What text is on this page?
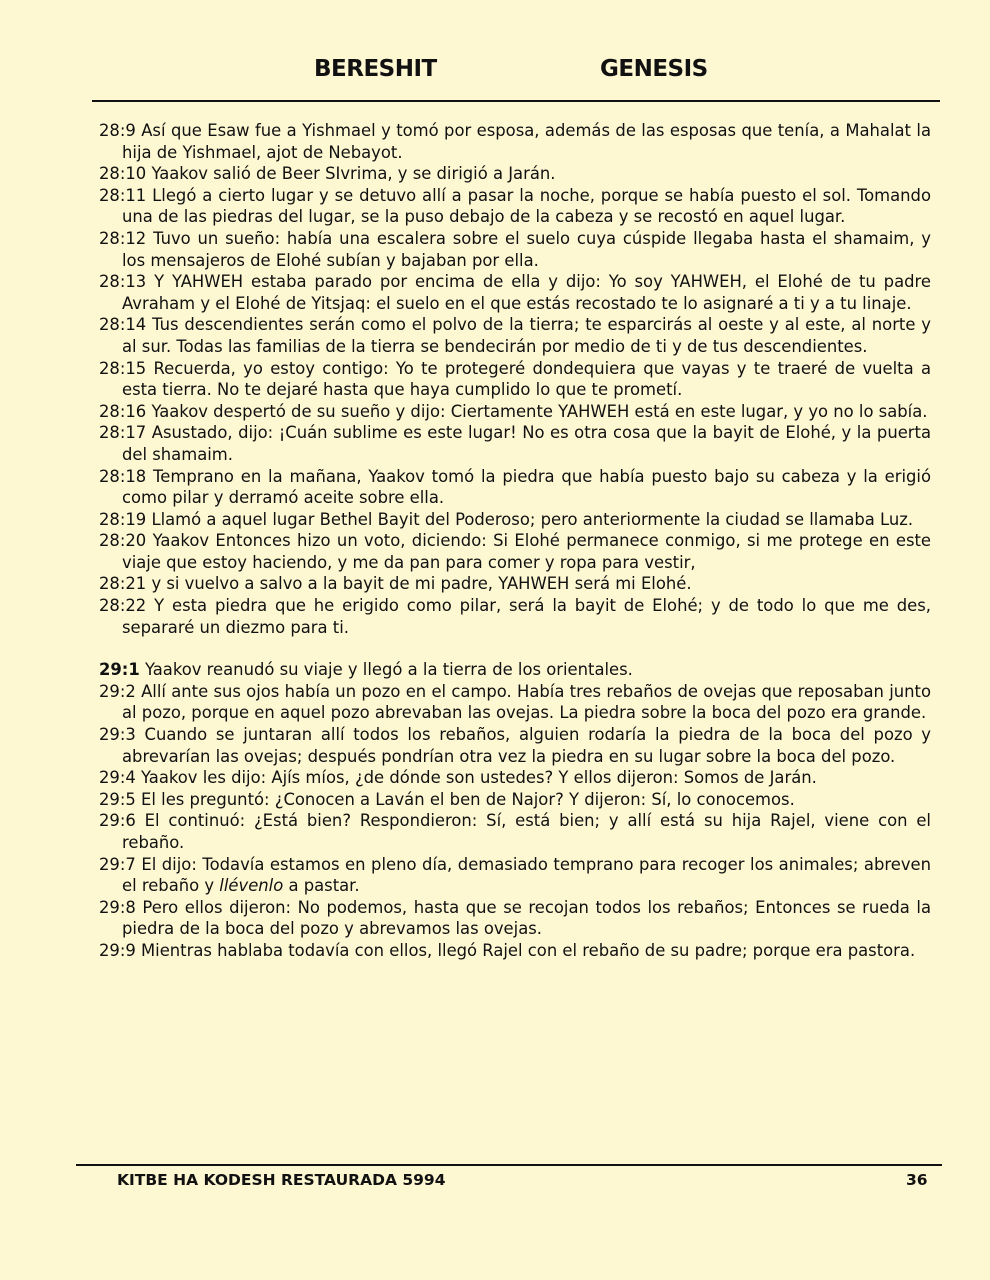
BERESHIT	GENESIS

28:9 Así que Esaw fue a Yishmael y tomó por esposa, además de las esposas que tenía, a Mahalat la hija de Yishmael, ajot de Nebayot.

28:10 Yaakov salió de Beer SIvrima, y se dirigió a Jarán.

28:11 Llegó a cierto lugar y se detuvo allí a pasar la noche, porque se había puesto el sol. Tomando una de las piedras del lugar, se la puso debajo de la cabeza y se recostó en aquel lugar.

28:12 Tuvo un sueño: había una escalera sobre el suelo cuya cúspide llegaba hasta el shamaim, y los mensajeros de Elohé subían y bajaban por ella.

28:13 Y YAHWEH estaba parado por encima de ella y dijo: Yo soy YAHWEH, el Elohé de tu padre Avraham y el Elohé de Yitsjaq: el suelo en el que estás recostado te lo asignaré a ti y a tu linaje.

28:14 Tus descendientes serán como el polvo de la tierra; te esparcirás al oeste y al este, al norte y al sur. Todas las familias de la tierra se bendecirán por medio de ti y de tus descendientes.

28:15 Recuerda, yo estoy contigo: Yo te protegeré dondequiera que vayas y te traeré de vuelta a esta tierra. No te dejaré hasta que haya cumplido lo que te prometí.

28:16 Yaakov despertó de su sueño y dijo: Ciertamente YAHWEH está en este lugar, y yo no lo sabía.

28:17 Asustado, dijo: ¡Cuán sublime es este lugar! No es otra cosa que la bayit de Elohé, y la puerta del shamaim.

28:18 Temprano en la mañana, Yaakov tomó la piedra que había puesto bajo su cabeza y la erigió como pilar y derramó aceite sobre ella.

28:19 Llamó a aquel lugar Bethel Bayit del Poderoso; pero anteriormente la ciudad se llamaba Luz.

28:20 Yaakov Entonces hizo un voto, diciendo: Si Elohé permanece conmigo, si me protege en este viaje que estoy haciendo, y me da pan para comer y ropa para vestir,

28:21 y si vuelvo a salvo a la bayit de mi padre, YAHWEH será mi Elohé.

28:22 Y esta piedra que he erigido como pilar, será la bayit de Elohé; y de todo lo que me des, separaré un diezmo para ti.

29:1 Yaakov reanudó su viaje y llegó a la tierra de los orientales.

29:2 Allí ante sus ojos había un pozo en el campo. Había tres rebaños de ovejas que reposaban junto al pozo, porque en aquel pozo abrevaban las ovejas. La piedra sobre la boca del pozo era grande.

29:3 Cuando se juntaran allí todos los rebaños, alguien rodaría la piedra de la boca del pozo y abrevarían las ovejas; después pondrían otra vez la piedra en su lugar sobre la boca del pozo.

29:4 Yaakov les dijo: Ajís míos, ¿de dónde son ustedes? Y ellos dijeron: Somos de Jarán.

29:5 El les preguntó: ¿Conocen a Laván el ben de Najor? Y dijeron: Sí, lo conocemos.

29:6 El continuó: ¿Está bien? Respondieron: Sí, está bien; y allí está su hija Rajel, viene con el rebaño.

29:7 El dijo: Todavía estamos en pleno día, demasiado temprano para recoger los animales; abreven el rebaño y llévenlo a pastar.

29:8 Pero ellos dijeron: No podemos, hasta que se recojan todos los rebaños; Entonces se rueda la piedra de la boca del pozo y abrevamos las ovejas.

29:9 Mientras hablaba todavía con ellos, llegó Rajel con el rebaño de su padre; porque era pastora.

KITBE HA KODESH RESTAURADA 5994	36
